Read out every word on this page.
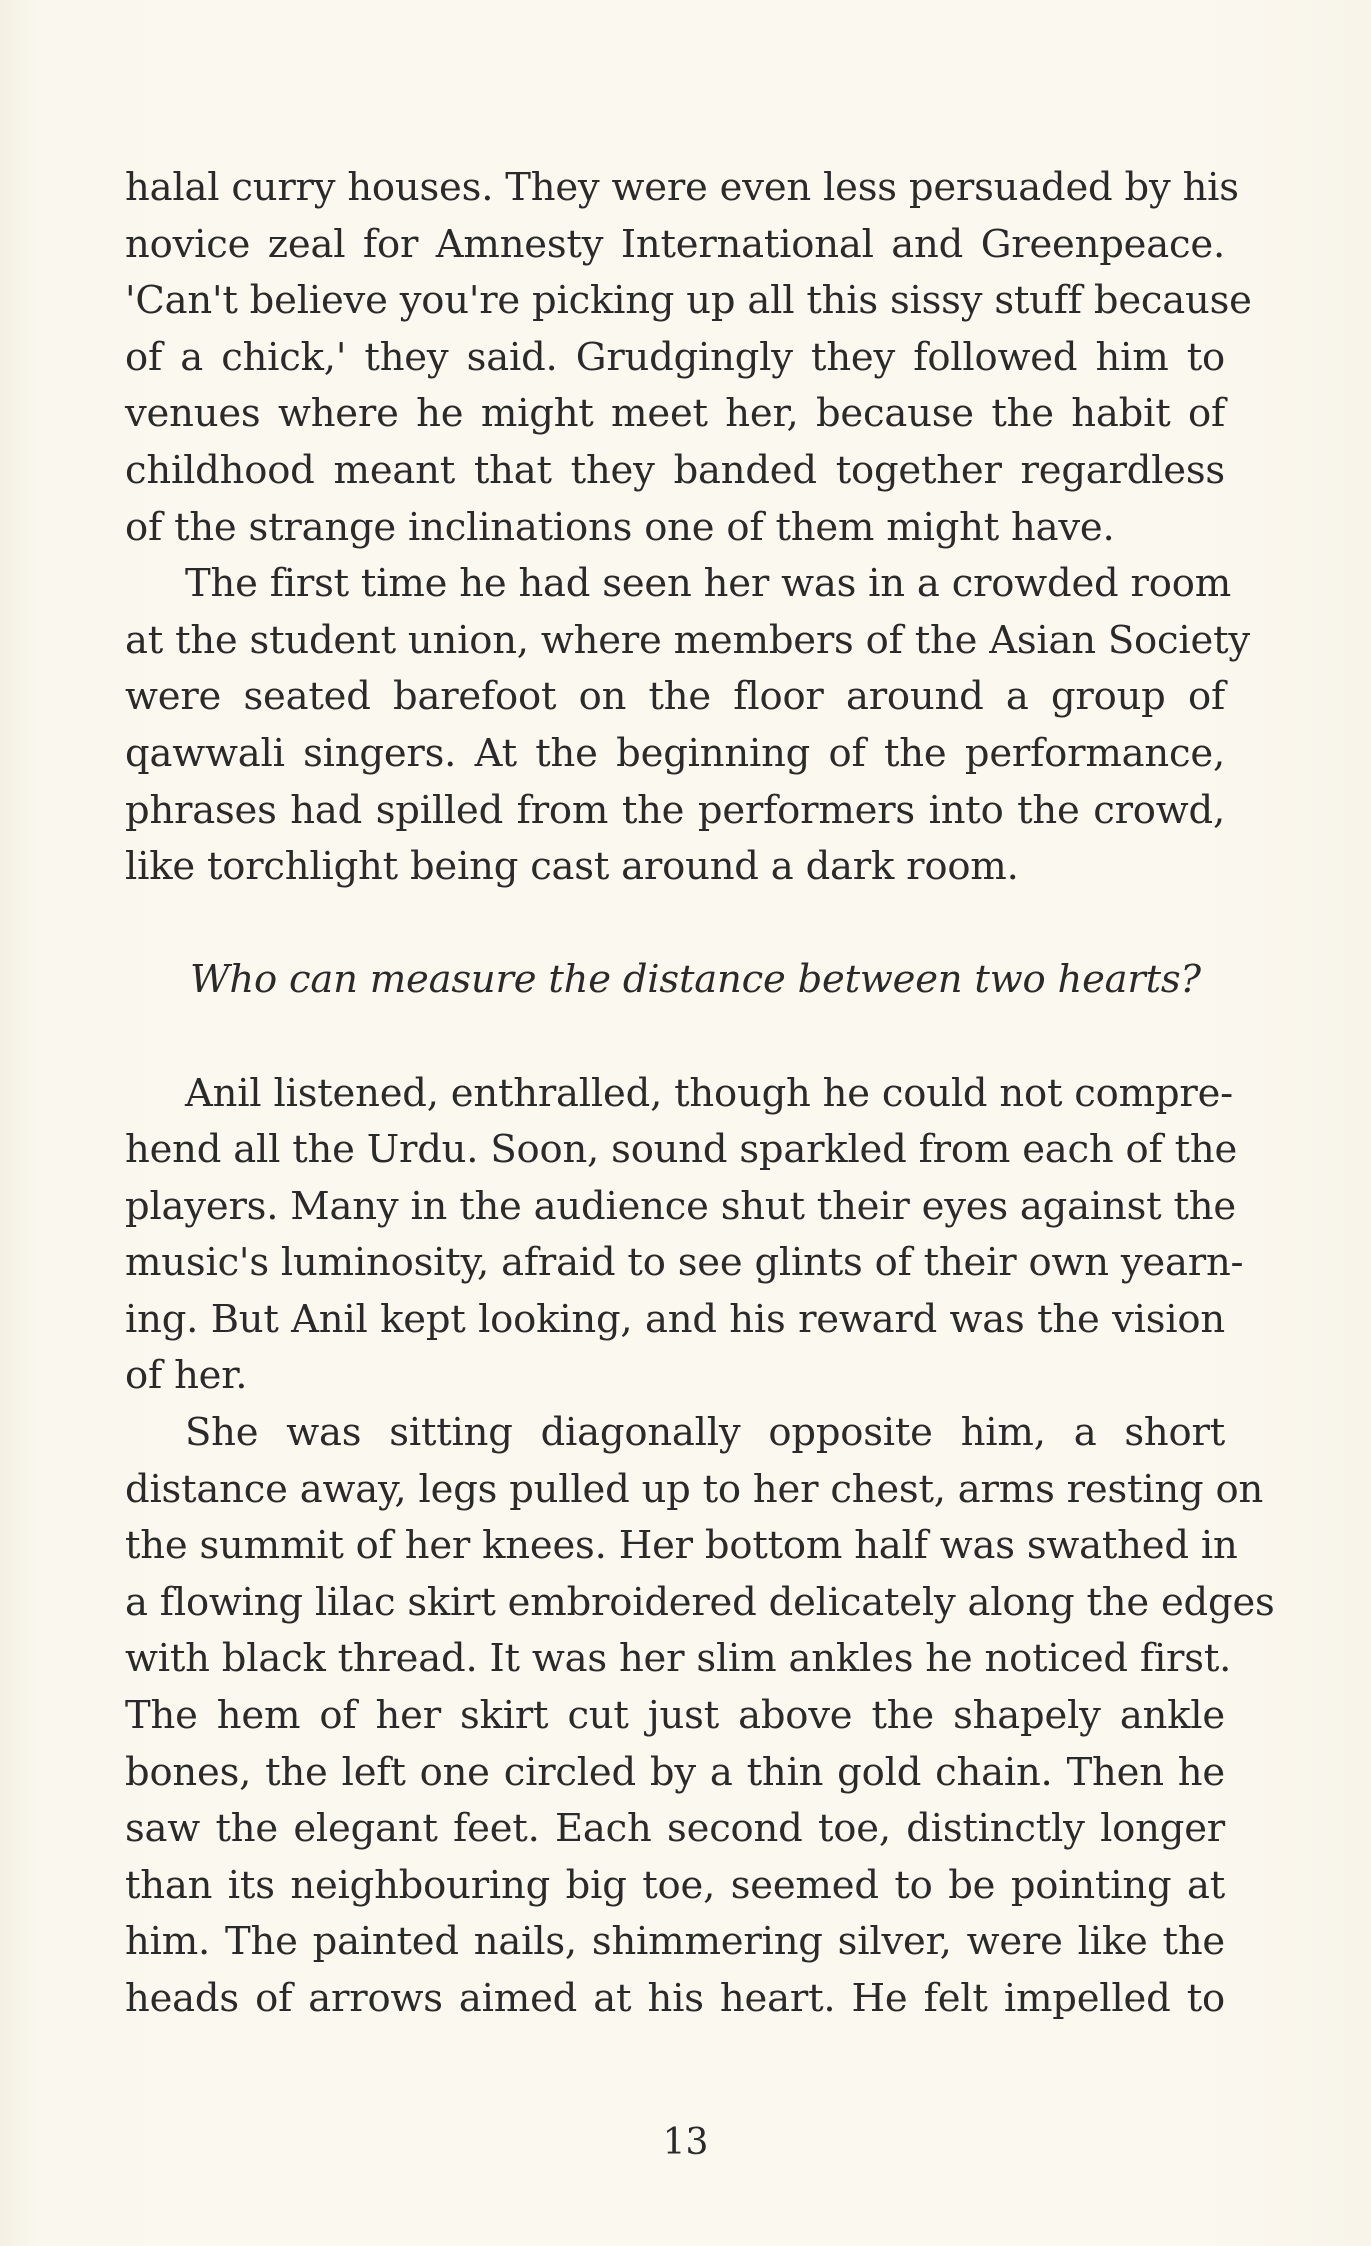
halal curry houses. They were even less persuaded by his
novice zeal for Amnesty International and Greenpeace.
'Can't believe you're picking up all this sissy stuff because
of a chick,' they said. Grudgingly they followed him to
venues where he might meet her, because the habit of
childhood meant that they banded together regardless
of the strange inclinations one of them might have.
The first time he had seen her was in a crowded room
at the student union, where members of the Asian Society
were seated barefoot on the floor around a group of
qawwali singers. At the beginning of the performance,
phrases had spilled from the performers into the crowd,
like torchlight being cast around a dark room.
Who can measure the distance between two hearts?
Anil listened, enthralled, though he could not compre-
hend all the Urdu. Soon, sound sparkled from each of the
players. Many in the audience shut their eyes against the
music's luminosity, afraid to see glints of their own yearn-
ing. But Anil kept looking, and his reward was the vision
of her.
She was sitting diagonally opposite him, a short
distance away, legs pulled up to her chest, arms resting on
the summit of her knees. Her bottom half was swathed in
a flowing lilac skirt embroidered delicately along the edges
with black thread. It was her slim ankles he noticed first.
The hem of her skirt cut just above the shapely ankle
bones, the left one circled by a thin gold chain. Then he
saw the elegant feet. Each second toe, distinctly longer
than its neighbouring big toe, seemed to be pointing at
him. The painted nails, shimmering silver, were like the
heads of arrows aimed at his heart. He felt impelled to
13
